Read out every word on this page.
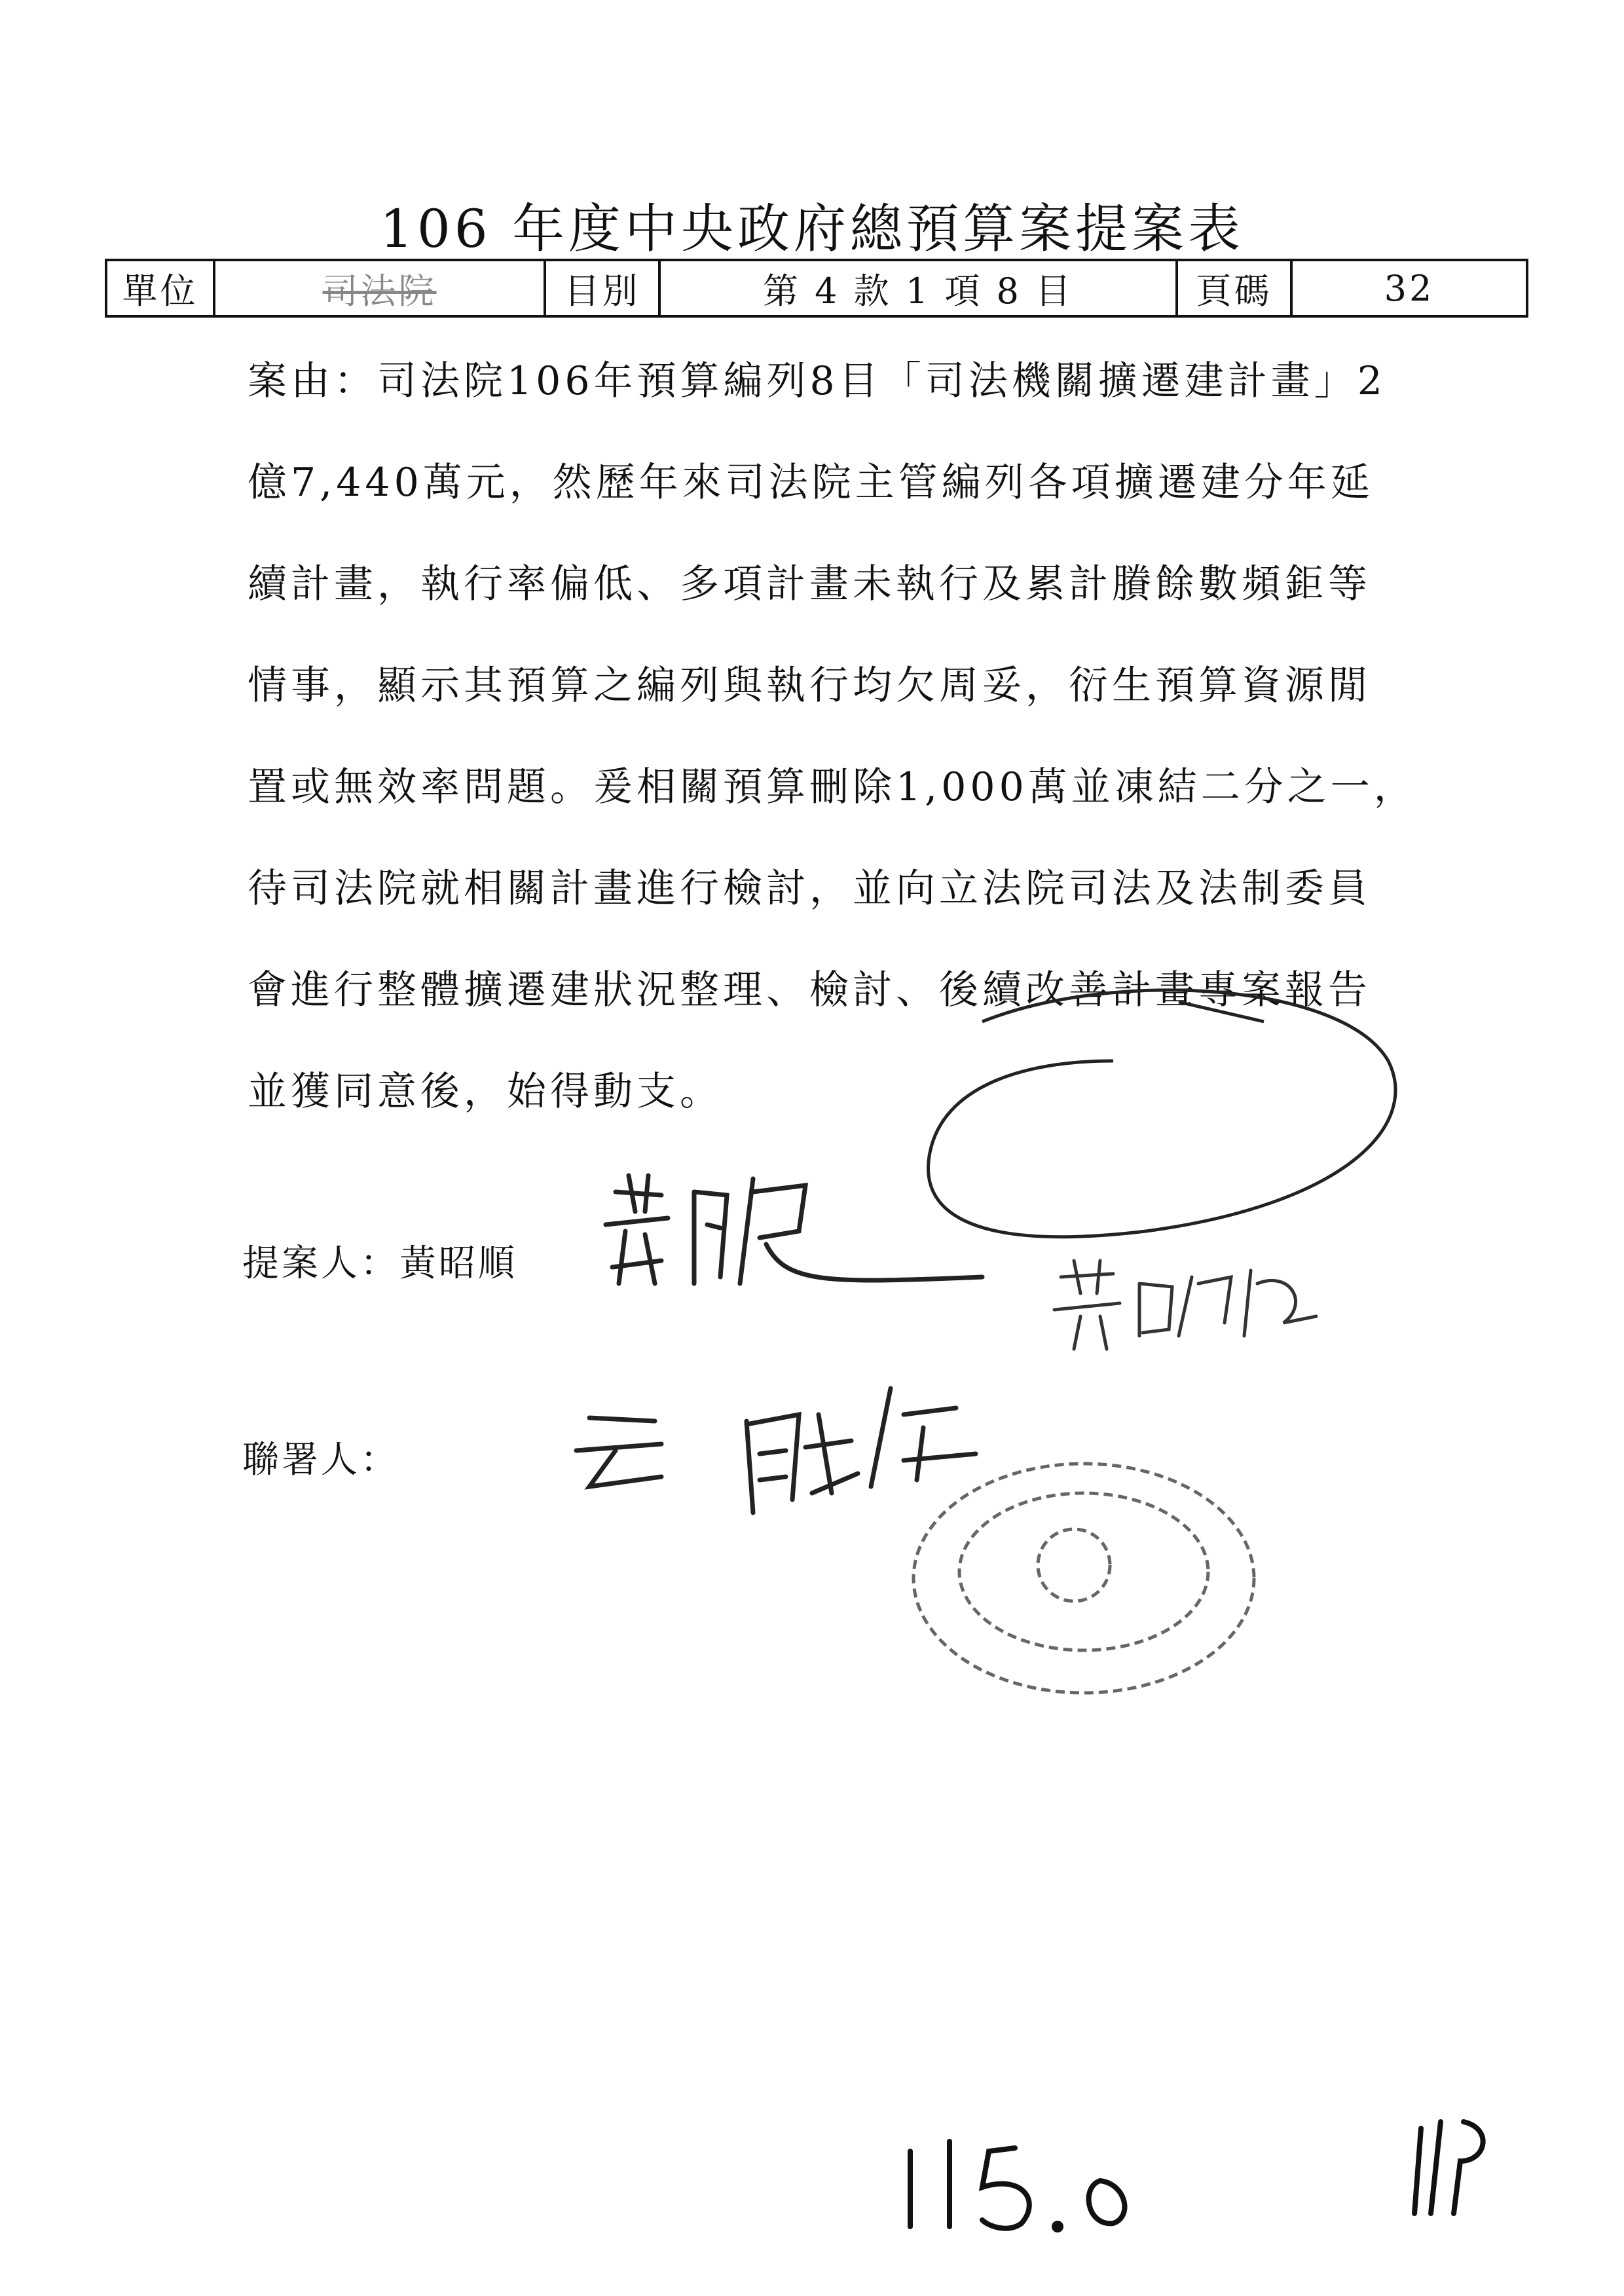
106 年度中央政府總預算案提案表
單位	司法院	目別	第 4 款 1 項 8 目	頁碼	32

案由：司法院106年預算編列8目「司法機關擴遷建計畫」2

億7,440萬元，然歷年來司法院主管編列各項擴遷建分年延

續計畫，執行率偏低、多項計畫未執行及累計賸餘數頻鉅等

情事，顯示其預算之編列與執行均欠周妥，衍生預算資源閒

置或無效率問題。爰相關預算刪除1,000萬並凍結二分之一，

待司法院就相關計畫進行檢討，並向立法院司法及法制委員

會進行整體擴遷建狀況整理、檢討、後續改善計畫專案報告

並獲同意後，始得動支。

提案人：黃昭順
聯署人：
